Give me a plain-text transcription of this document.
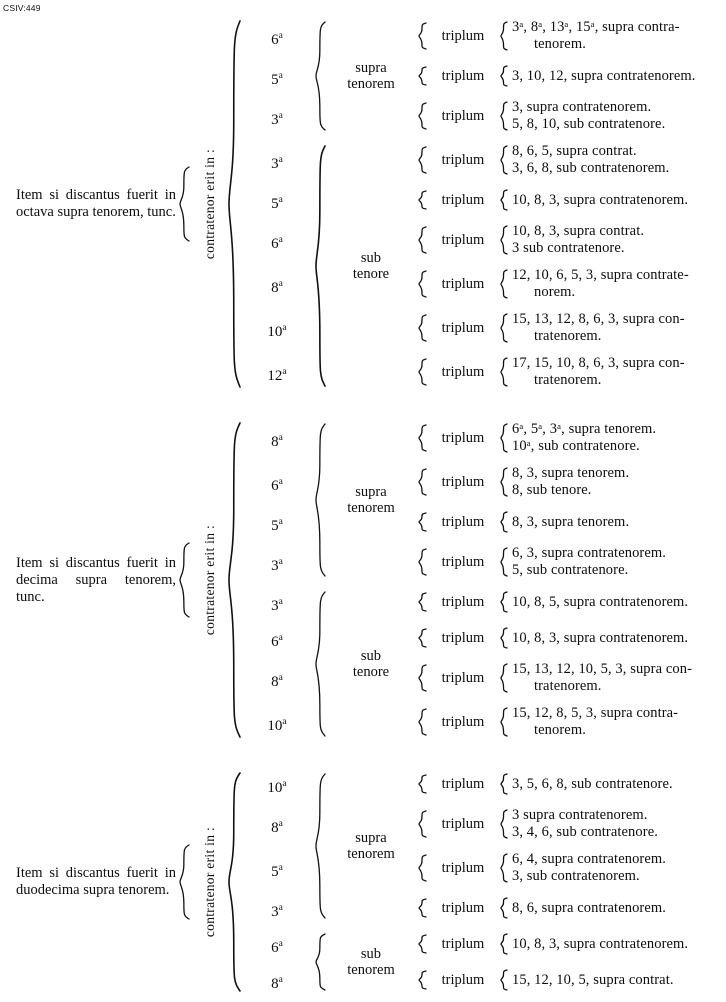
CSIV:449
Item si discantus fuerit in octava supra tenorem, tunc. contratenor erit in :
6$^a$
5$^a$
3$^a$
3$^a$
5$^a$
6$^a$
8$^a$
10$^a$
12$^a$
supra
tenorem
sub
tenore
triplum
triplum
triplum
triplum
triplum
triplum
triplum
triplum
triplum
3ᵃ, 8ᵃ, 13ᵃ, 15ᵃ, supra contra-
tenorem.
3, 10, 12, supra contratenorem.
3, supra contratenorem.
5, 8, 10, sub contratenore.
8, 6, 5, supra contrat.
3, 6, 8, sub contratenorem.
10, 8, 3, supra contratenorem.
10, 8, 3, supra contrat.
3 sub contratenore.
12, 10, 6, 5, 3, supra contrate-
norem.
15, 13, 12, 8, 6, 3, supra con-
tratenorem.
17, 15, 10, 8, 6, 3, supra con-
tratenorem.
Item si discantus fuerit in decima supra tenorem, tunc.	contratenor erit in :
8$^a$
6$^a$
5$^a$
3$^a$
3$^a$
6$^a$
8$^a$
10$^a$
supra
tenorem
sub
tenore
triplum
triplum
triplum
triplum
triplum
triplum
triplum
triplum
6ᵃ, 5ᵃ, 3ᵃ, supra tenorem.
10ᵃ, sub contratenore.
8, 3, supra tenorem.
8, sub tenore.
8, 3, supra tenorem.
6, 3, supra contratenorem.
5, sub contratenore.
10, 8, 5, supra contratenorem.
10, 8, 3, supra contratenorem.
15, 13, 12, 10, 5, 3, supra con-
tratenorem.
15, 12, 8, 5, 3, supra contra-
tenorem.
Item si discantus fuerit in duodecima supra tenorem.	contratenor erit in :
10$^a$
8$^a$
5$^a$
3$^a$
6$^a$
8$^a$
supra
tenorem
sub
tenorem
triplum
triplum
triplum
triplum
triplum
triplum
3, 5, 6, 8, sub contratenore.
3 supra contratenorem.
3, 4, 6, sub contratenore.
6, 4, supra contratenorem.
3, sub contratenorem.
8, 6, supra contratenorem.
10, 8, 3, supra contratenorem.
15, 12, 10, 5, supra contrat.
